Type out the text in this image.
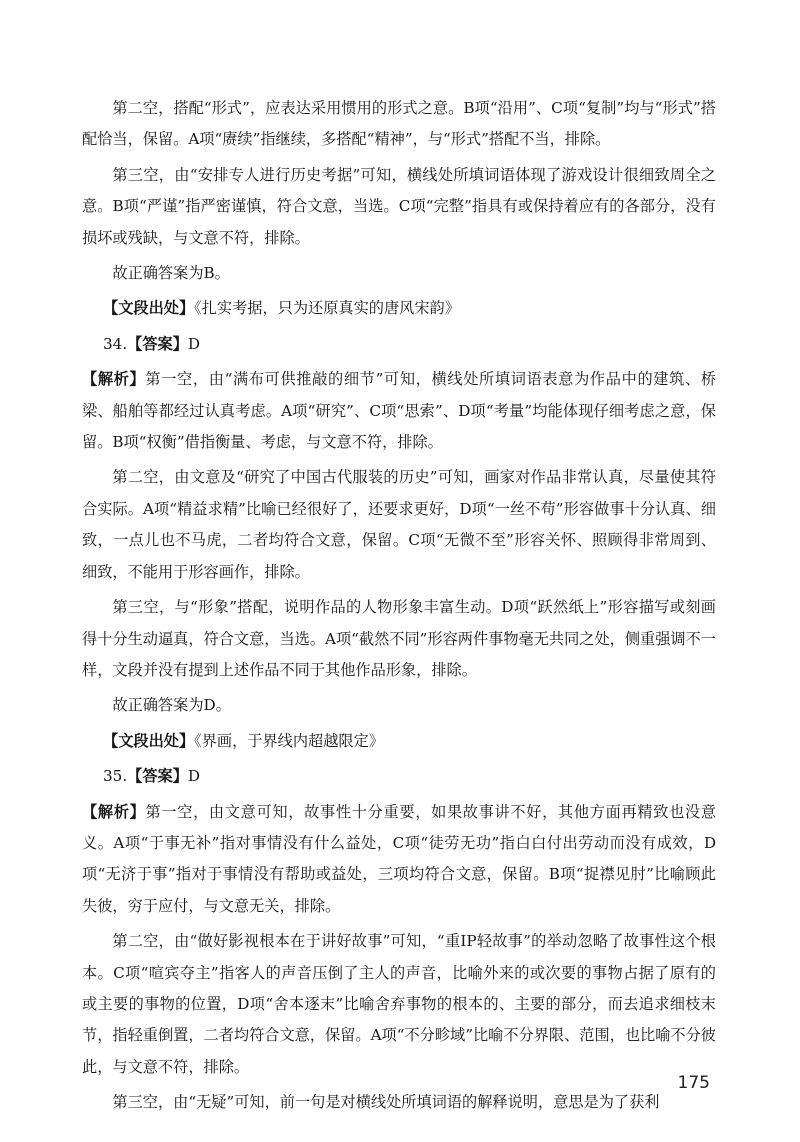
第二空，搭配“形式”，应表达采用惯用的形式之意。B项“沿用”、C项“复制”均与“形式”搭配恰当，保留。A项“赓续”指继续，多搭配“精神”，与“形式”搭配不当，排除。

第三空，由“安排专人进行历史考据”可知，横线处所填词语体现了游戏设计很细致周全之意。B项“严谨”指严密谨慎，符合文意，当选。C项“完整”指具有或保持着应有的各部分，没有损坏或残缺，与文意不符，排除。

故正确答案为B。

【文段出处】《扎实考据，只为还原真实的唐风宋韵》

34.【答案】D

【解析】第一空，由“满布可供推敲的细节”可知，横线处所填词语表意为作品中的建筑、桥梁、船舶等都经过认真考虑。A项“研究”、C项“思索”、D项“考量”均能体现仔细考虑之意，保留。B项“权衡”借指衡量、考虑，与文意不符，排除。

第二空，由文意及“研究了中国古代服装的历史”可知，画家对作品非常认真，尽量使其符合实际。A项“精益求精”比喻已经很好了，还要求更好，D项“一丝不苟”形容做事十分认真、细致，一点儿也不马虎，二者均符合文意，保留。C项“无微不至”形容关怀、照顾得非常周到、细致，不能用于形容画作，排除。

第三空，与“形象”搭配，说明作品的人物形象丰富生动。D项“跃然纸上”形容描写或刻画得十分生动逼真，符合文意，当选。A项“截然不同”形容两件事物毫无共同之处，侧重强调不一样，文段并没有提到上述作品不同于其他作品形象，排除。

故正确答案为D。

【文段出处】《界画，于界线内超越限定》

35.【答案】D

【解析】第一空，由文意可知，故事性十分重要，如果故事讲不好，其他方面再精致也没意义。A项“于事无补”指对事情没有什么益处，C项“徒劳无功”指白白付出劳动而没有成效，D项“无济于事”指对于事情没有帮助或益处，三项均符合文意，保留。B项“捉襟见肘”比喻顾此失彼，穷于应付，与文意无关，排除。

第二空，由“做好影视根本在于讲好故事”可知，“重IP轻故事”的举动忽略了故事性这个根本。C项“喧宾夺主”指客人的声音压倒了主人的声音，比喻外来的或次要的事物占据了原有的或主要的事物的位置，D项“舍本逐末”比喻舍弃事物的根本的、主要的部分，而去追求细枝末节，指轻重倒置，二者均符合文意，保留。A项“不分畛域”比喻不分界限、范围，也比喻不分彼此，与文意不符，排除。

第三空，由“无疑”可知，前一句是对横线处所填词语的解释说明，意思是为了获利

175
